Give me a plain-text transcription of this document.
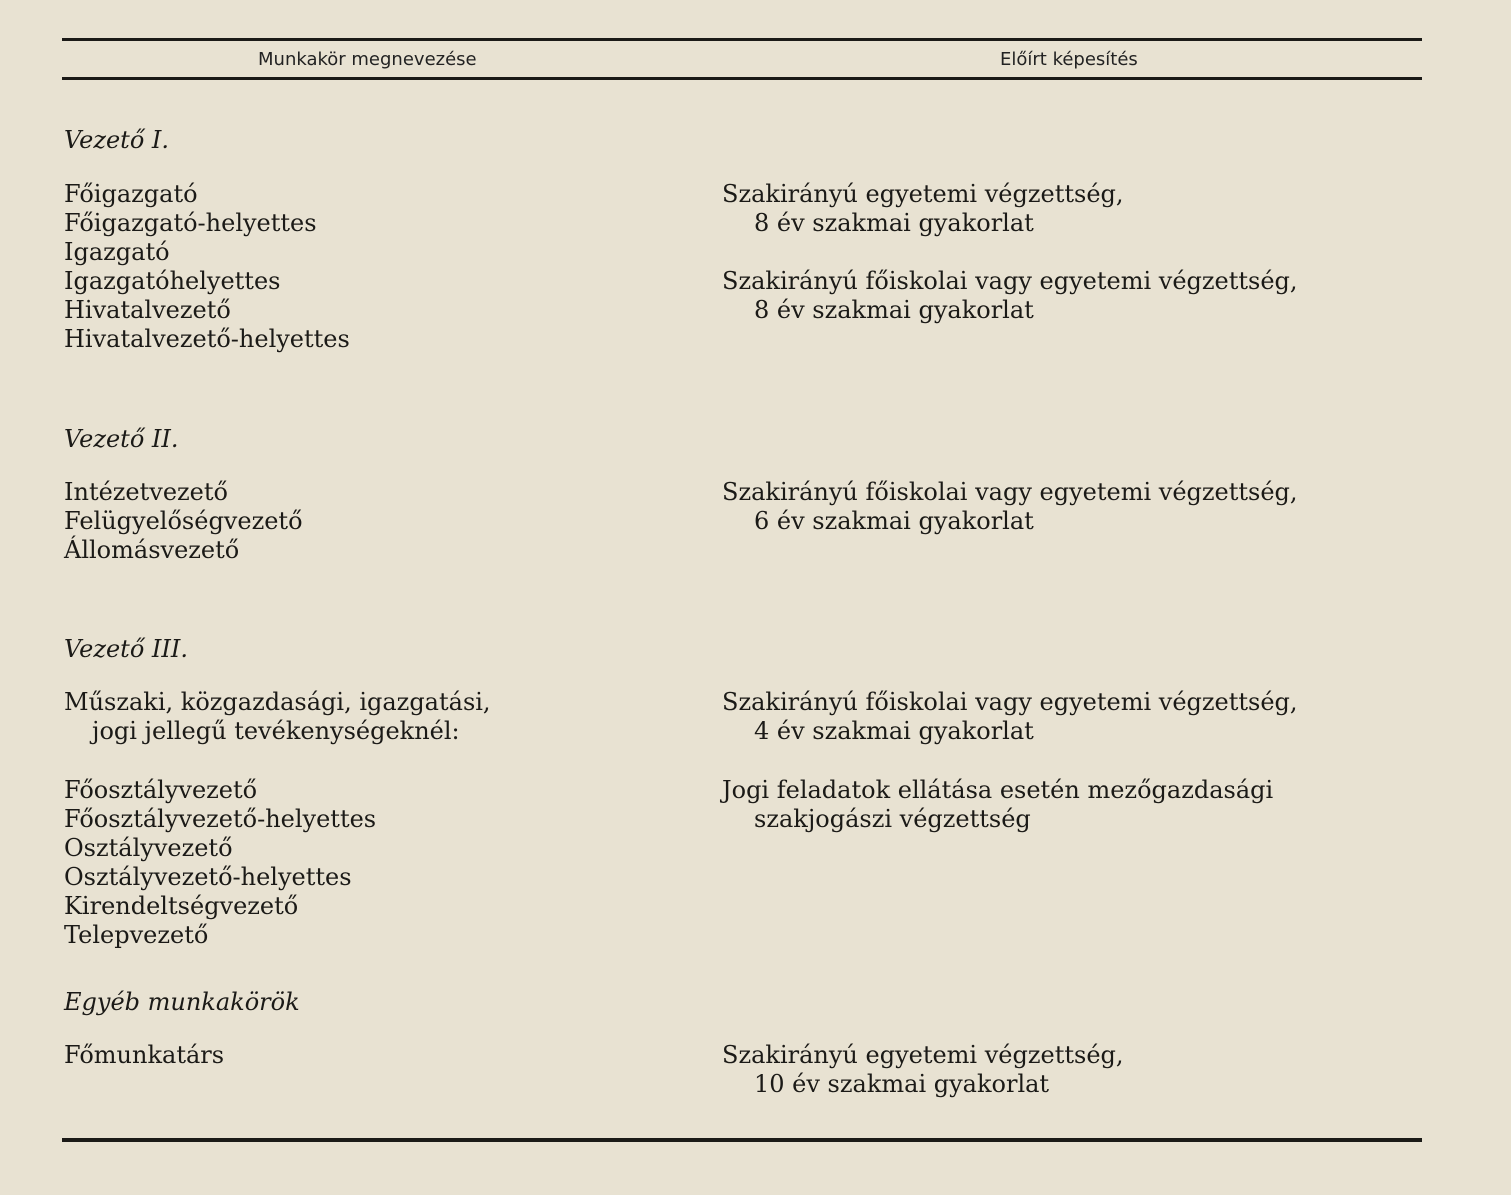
Munkakör megnevezése	Előírt képesítés
Vezető I.
Főigazgató
Főigazgató-helyettes
Igazgató
Igazgatóhelyettes
Hivatalvezető
Hivatalvezető-helyettes
Szakirányú egyetemi végzettség,
8 év szakmai gyakorlat
Szakirányú főiskolai vagy egyetemi végzettség,
8 év szakmai gyakorlat
Vezető II.
Intézetvezető
Felügyelőségvezető
Állomásvezető
Szakirányú főiskolai vagy egyetemi végzettség,
6 év szakmai gyakorlat
Vezető III.
Műszaki, közgazdasági, igazgatási,
jogi jellegű tevékenységeknél:
Szakirányú főiskolai vagy egyetemi végzettség,
4 év szakmai gyakorlat
Főosztályvezető
Főosztályvezető-helyettes
Osztályvezető
Osztályvezető-helyettes
Kirendeltségvezető
Telepvezető
Jogi feladatok ellátása esetén mezőgazdasági
szakjogászi végzettség
Egyéb munkakörök
Főmunkatárs	Szakirányú egyetemi végzettség,
10 év szakmai gyakorlat
